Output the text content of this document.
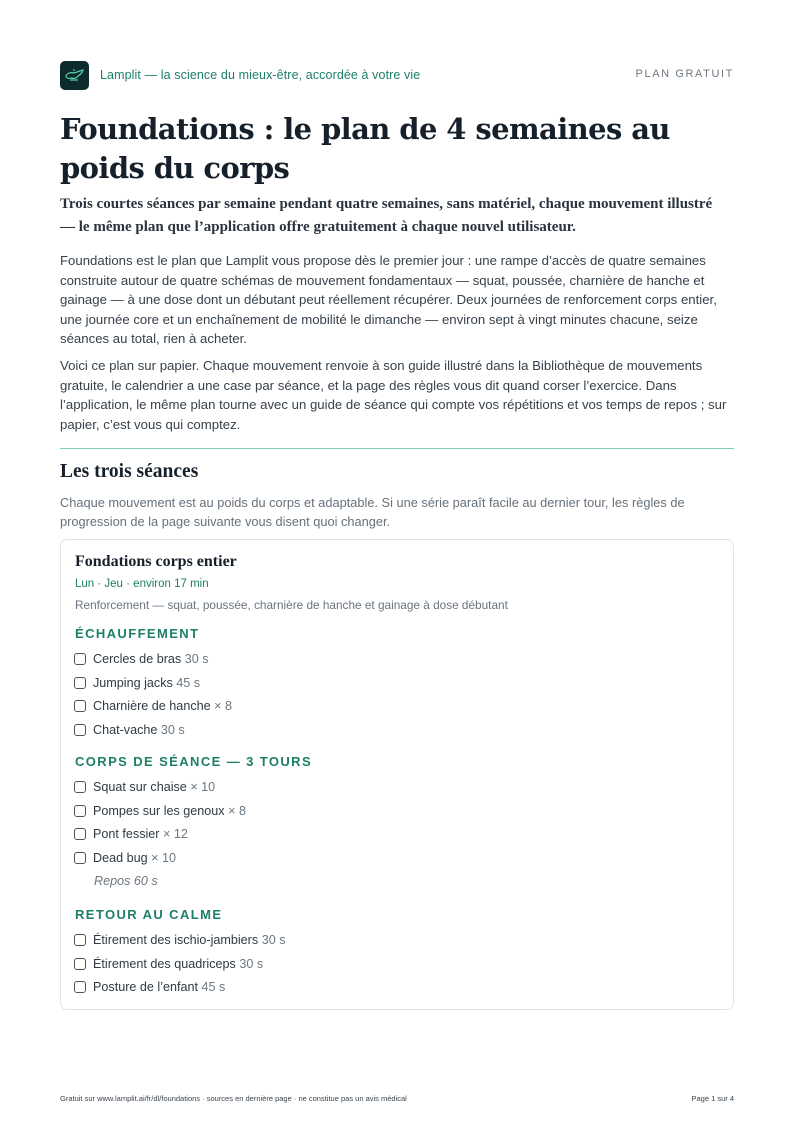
Lamplit — la science du mieux-être, accordée à votre vie	PLAN GRATUIT
Foundations : le plan de 4 semaines au poids du corps

Trois courtes séances par semaine pendant quatre semaines, sans matériel, chaque mouvement illustré — le même plan que l’application offre gratuitement à chaque nouvel utilisateur.

Foundations est le plan que Lamplit vous propose dès le premier jour : une rampe d’accès de quatre semaines construite autour de quatre schémas de mouvement fondamentaux — squat, poussée, charnière de hanche et gainage — à une dose dont un débutant peut réellement récupérer. Deux journées de renforcement corps entier, une journée core et un enchaînement de mobilité le dimanche — environ sept à vingt minutes chacune, seize séances au total, rien à acheter.

Voici ce plan sur papier. Chaque mouvement renvoie à son guide illustré dans la Bibliothèque de mouvements gratuite, le calendrier a une case par séance, et la page des règles vous dit quand corser l’exercice. Dans l’application, le même plan tourne avec un guide de séance qui compte vos répétitions et vos temps de repos ; sur papier, c’est vous qui comptez.

Les trois séances

Chaque mouvement est au poids du corps et adaptable. Si une série paraît facile au dernier tour, les règles de progression de la page suivante vous disent quoi changer.

Fondations corps entier
Lun · Jeu · environ 17 min
Renforcement — squat, poussée, charnière de hanche et gainage à dose débutant
ÉCHAUFFEMENT
Cercles de bras 30 s
Jumping jacks 45 s
Charnière de hanche × 8
Chat-vache 30 s
CORPS DE SÉANCE — 3 TOURS
Squat sur chaise × 10
Pompes sur les genoux × 8
Pont fessier × 12
Dead bug × 10
Repos 60 s
RETOUR AU CALME
Étirement des ischio-jambiers 30 s
Étirement des quadriceps 30 s
Posture de l’enfant 45 s
Gratuit sur www.lamplit.ai/fr/dl/foundations · sources en dernière page · ne constitue pas un avis médical	Page 1 sur 4
